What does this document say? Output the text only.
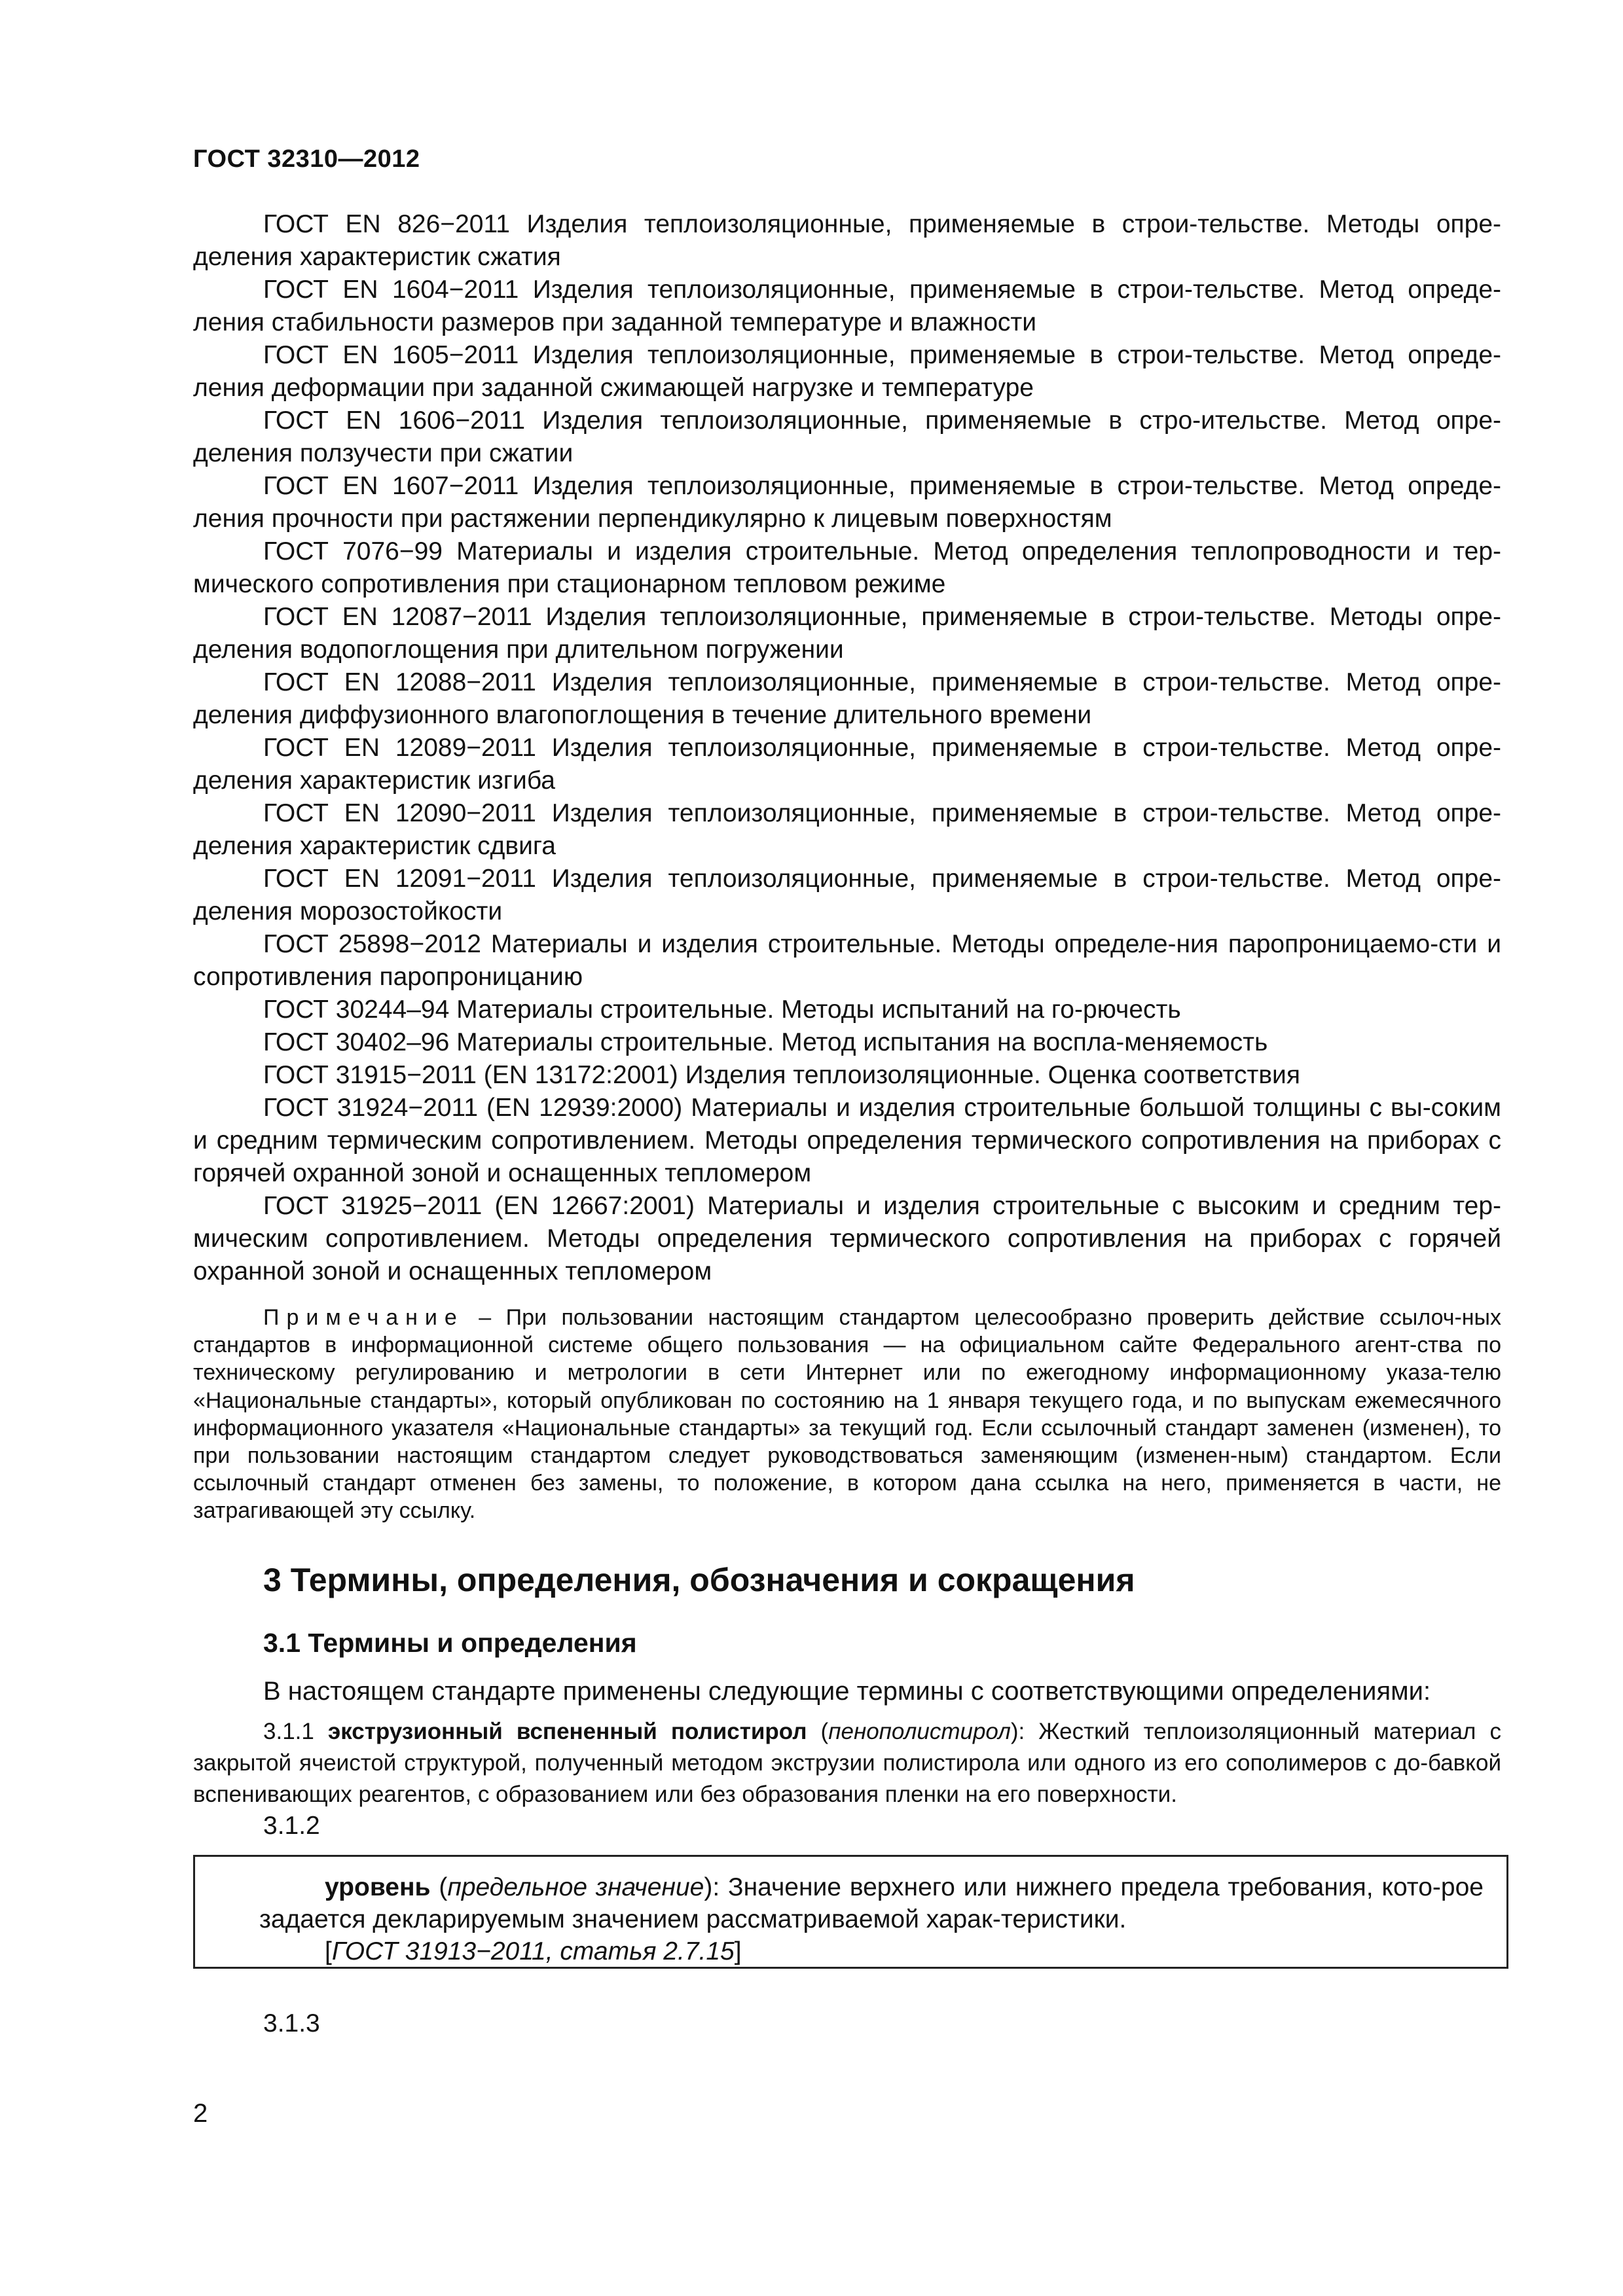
ГОСТ 32310—2012

ГОСТ EN 826−2011 Изделия теплоизоляционные, применяемые в строи-тельстве. Методы опре-деления характеристик сжатия

ГОСТ EN 1604−2011 Изделия теплоизоляционные, применяемые в строи-тельстве. Метод опреде-ления стабильности размеров при заданной температуре и влажности

ГОСТ EN 1605−2011 Изделия теплоизоляционные, применяемые в строи-тельстве. Метод опреде-ления деформации при заданной сжимающей нагрузке и температуре

ГОСТ EN 1606−2011 Изделия теплоизоляционные, применяемые в стро-ительстве. Метод опре-деления ползучести при сжатии

ГОСТ EN 1607−2011 Изделия теплоизоляционные, применяемые в строи-тельстве. Метод опреде-ления прочности при растяжении перпендикулярно к лицевым поверхностям

ГОСТ 7076−99 Материалы и изделия строительные. Метод определения теплопроводности и тер-мического сопротивления при стационарном тепловом режиме

ГОСТ EN 12087−2011 Изделия теплоизоляционные, применяемые в строи-тельстве. Методы опре-деления водопоглощения при длительном погружении

ГОСТ EN 12088−2011 Изделия теплоизоляционные, применяемые в строи-тельстве. Метод опре-деления диффузионного влагопоглощения в течение длительного времени

ГОСТ EN 12089−2011 Изделия теплоизоляционные, применяемые в строи-тельстве. Метод опре-деления характеристик изгиба

ГОСТ EN 12090−2011 Изделия теплоизоляционные, применяемые в строи-тельстве. Метод опре-деления характеристик сдвига

ГОСТ EN 12091−2011 Изделия теплоизоляционные, применяемые в строи-тельстве. Метод опре-деления морозостойкости

ГОСТ 25898−2012 Материалы и изделия строительные. Методы определе-ния паропроницаемо-сти и сопротивления паропроницанию

ГОСТ 30244–94 Материалы строительные. Методы испытаний на го-рючесть

ГОСТ 30402–96 Материалы строительные. Метод испытания на воспла-меняемость

ГОСТ 31915−2011 (EN 13172:2001) Изделия теплоизоляционные. Оценка соответствия

ГОСТ 31924−2011 (EN 12939:2000) Материалы и изделия строительные большой толщины с вы-соким и средним термическим сопротивлением. Методы определения термического сопротивления на приборах с горячей охранной зоной и оснащенных тепломером

ГОСТ 31925−2011 (EN 12667:2001) Материалы и изделия строительные с высоким и средним тер-мическим сопротивлением. Методы определения термического сопротивления на приборах с горячей охранной зоной и оснащенных тепломером

Примечание – При пользовании настоящим стандартом целесообразно проверить действие ссылоч-ных стандартов в информационной системе общего пользования — на официальном сайте Федерального агент-ства по техническому регулированию и метрологии в сети Интернет или по ежегодному информационному указа-телю «Национальные стандарты», который опубликован по состоянию на 1 января текущего года, и по выпускам ежемесячного информационного указателя «Национальные стандарты» за текущий год. Если ссылочный стандарт заменен (изменен), то при пользовании настоящим стандартом следует руководствоваться заменяющим (изменен-ным) стандартом. Если ссылочный стандарт отменен без замены, то положение, в котором дана ссылка на него, применяется в части, не затрагивающей эту ссылку.

3 Термины, определения, обозначения и сокращения
3.1 Термины и определения

В настоящем стандарте применены следующие термины с соответствующими определениями:

3.1.1 экструзионный вспененный полистирол (пенополистирол): Жесткий теплоизоляционный материал с закрытой ячеистой структурой, полученный методом экструзии полистирола или одного из его сополимеров с до-бавкой вспенивающих реагентов, с образованием или без образования пленки на его поверхности.

3.1.2

уровень (предельное значение): Значение верхнего или нижнего предела требования, кото-рое задается декларируемым значением рассматриваемой харак-теристики.

[ГОСТ 31913−2011, статья 2.7.15]

3.1.3

2
